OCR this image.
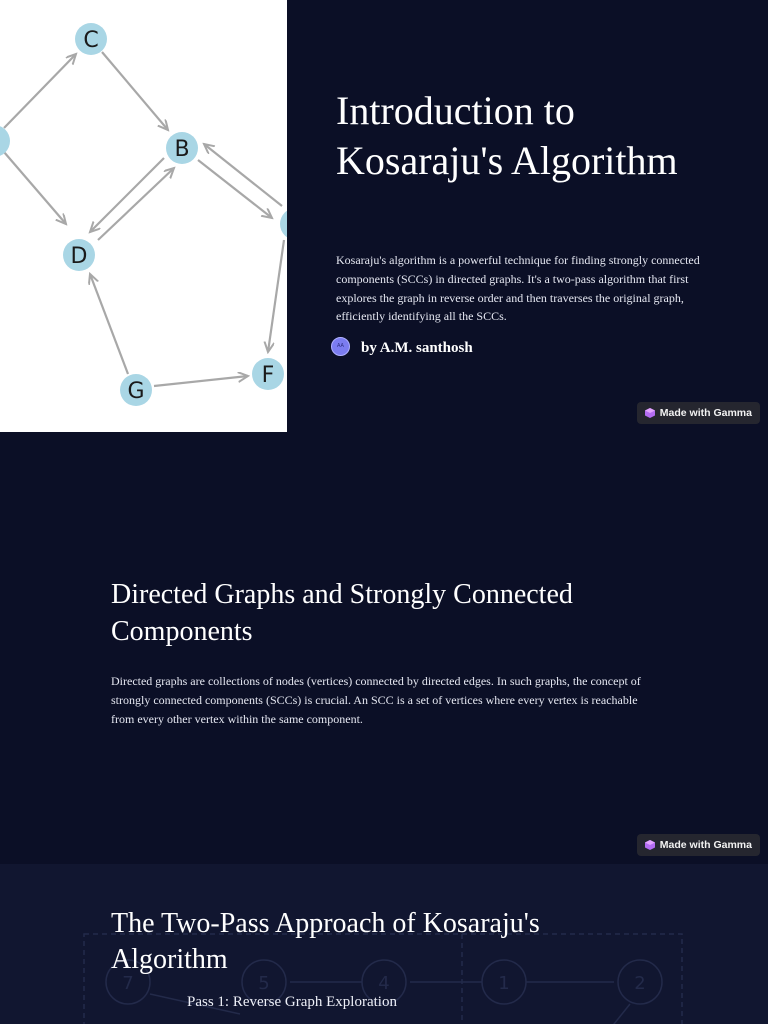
C
B
D
G
F
Introduction to
Kosaraju's Algorithm

Kosaraju's algorithm is a powerful technique for finding strongly connected components (SCCs) in directed graphs. It's a two-pass algorithm that first explores the graph in reverse order and then traverses the original graph, efficiently identifying all the SCCs.

AA	by A.M. santhosh
Made with Gamma
Directed Graphs and Strongly Connected Components

Directed graphs are collections of nodes (vertices) connected by directed edges. In such graphs, the concept of strongly connected components (SCCs) is crucial. An SCC is a set of vertices where every vertex is reachable from every other vertex within the same component.

Made with Gamma
7	5	4	1	2
The Two-Pass Approach of Kosaraju's Algorithm
Pass 1: Reverse Graph Exploration
